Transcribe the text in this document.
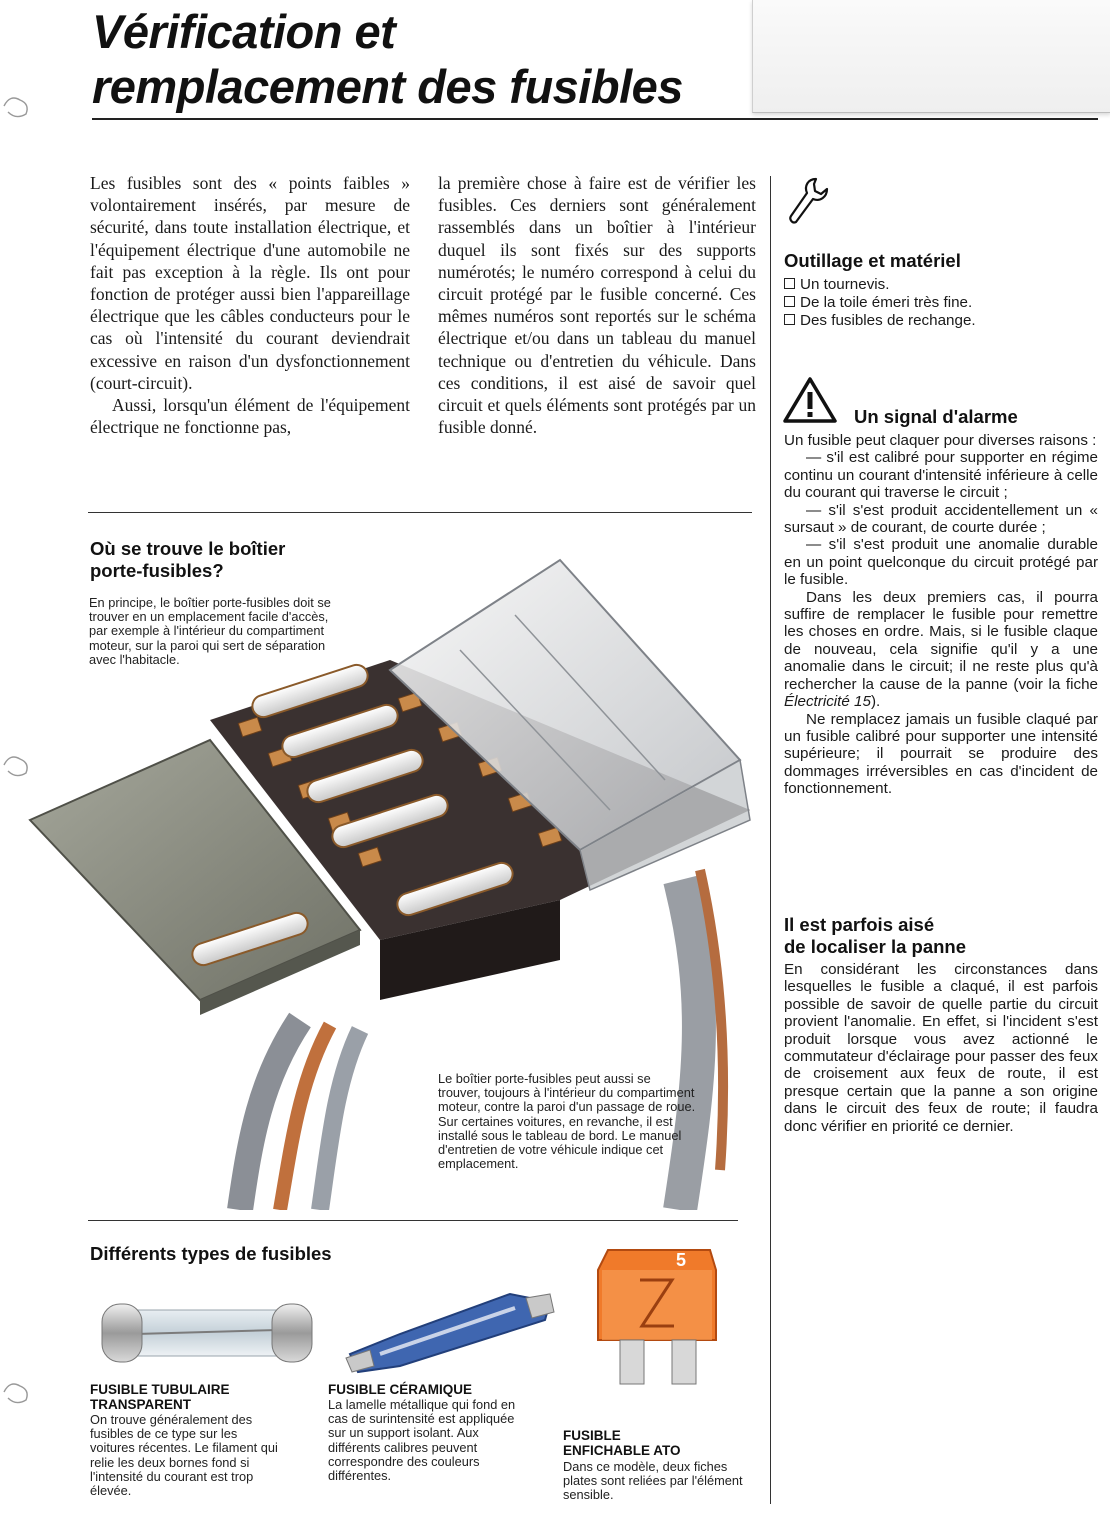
Vérification et
remplacement des fusibles

Les fusibles sont des « points faibles » volontairement insérés, par mesure de sécurité, dans toute installation électrique, et l'équipement électrique d'une automobile ne fait pas exception à la règle. Ils ont pour fonction de protéger aussi bien l'appareillage électrique que les câbles conducteurs pour le cas où l'intensité du courant deviendrait excessive en raison d'un dysfonctionnement (court-circuit).

Aussi, lorsqu'un élément de l'équipement électrique ne fonctionne pas,

la première chose à faire est de vérifier les fusibles. Ces derniers sont généralement rassemblés dans un boîtier à l'intérieur duquel ils sont fixés sur des supports numérotés; le numéro correspond à celui du circuit protégé par le fusible concerné. Ces mêmes numéros sont reportés sur le schéma électrique et/ou dans un tableau du manuel technique ou d'entretien du véhicule. Dans ces conditions, il est aisé de savoir quel circuit et quels éléments sont protégés par un fusible donné.

Outillage et matériel
Un tournevis.
De la toile émeri très fine.
Des fusibles de rechange.
Un signal d'alarme

Un fusible peut claquer pour diverses raisons :

— s'il est calibré pour supporter en régime continu un courant d'intensité inférieure à celle du courant qui traverse le circuit ;

— s'il s'est produit accidentellement un « sursaut » de courant, de courte durée ;

— s'il s'est produit une anomalie durable en un point quelconque du circuit protégé par le fusible.

Dans les deux premiers cas, il pourra suffire de remplacer le fusible pour remettre les choses en ordre. Mais, si le fusible claque de nouveau, cela signifie qu'il y a une anomalie dans le circuit; il ne reste plus qu'à rechercher la cause de la panne (voir la fiche Électricité 15).

Ne remplacez jamais un fusible claqué par un fusible calibré pour supporter une intensité supérieure; il pourrait se produire des dommages irréversibles en cas d'incident de fonctionnement.

Il est parfois aisé
de localiser la panne
En considérant les circonstances dans lesquelles le fusible a claqué, il est parfois possible de savoir de quelle partie du circuit provient l'anomalie. En effet, si l'incident s'est produit lorsque vous avez actionné le commutateur d'éclairage pour passer des feux de croisement aux feux de route, il est presque certain que la panne a son origine dans le circuit des feux de route; il faudra donc vérifier en priorité ce dernier.
Où se trouve le boîtier
porte-fusibles?
En principe, le boîtier porte-fusibles doit se trouver en un emplacement facile d'accès, par exemple à l'intérieur du compartiment moteur, sur la paroi qui sert de séparation avec l'habitacle.
Le boîtier porte-fusibles peut aussi se trouver, toujours à l'intérieur du compartiment moteur, contre la paroi d'un passage de roue. Sur certaines voitures, en revanche, il est installé sous le tableau de bord. Le manuel d'entretien de votre véhicule indique cet emplacement.
Différents types de fusibles
FUSIBLE TUBULAIRE
TRANSPARENT
On trouve généralement des fusibles de ce type sur les voitures récentes. Le filament qui relie les deux bornes fond si l'intensité du courant est trop élevée.
FUSIBLE CÉRAMIQUE
La lamelle métallique qui fond en cas de surintensité est appliquée sur un support isolant. Aux différents calibres peuvent correspondre des couleurs différentes.
5
FUSIBLE
ENFICHABLE ATO
Dans ce modèle, deux fiches plates sont reliées par l'élément sensible.
